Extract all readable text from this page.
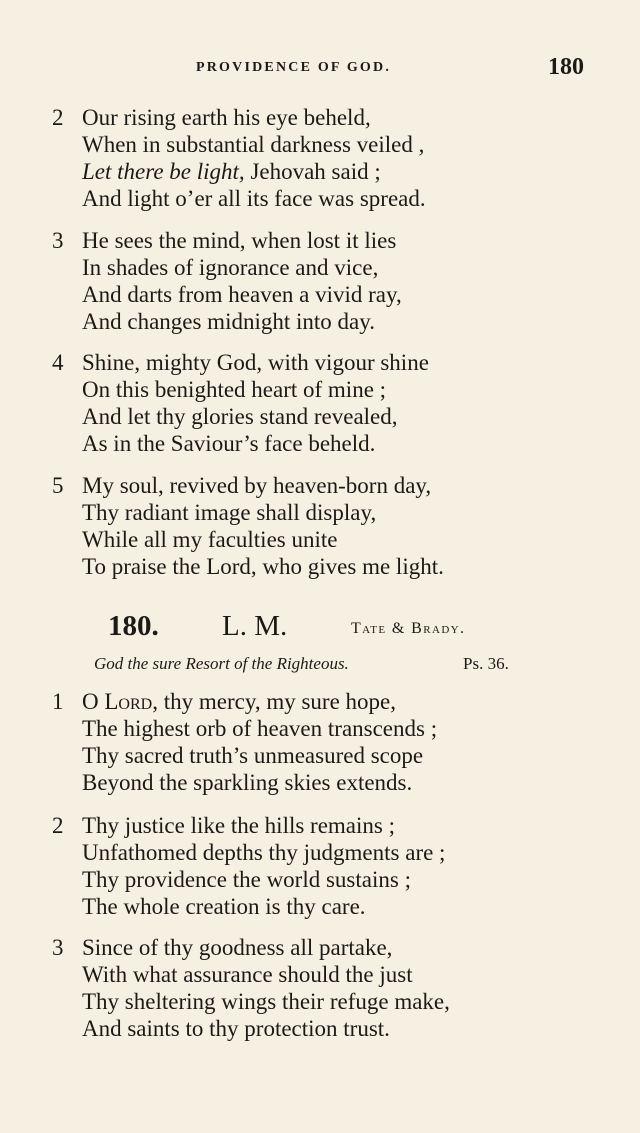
PROVIDENCE OF GOD.	180
2 Our rising earth his eye beheld,
When in substantial darkness veiled ,
Let there be light, Jehovah said ;
And light o’er all its face was spread.
3 He sees the mind, when lost it lies
In shades of ignorance and vice,
And darts from heaven a vivid ray,
And changes midnight into day.
4 Shine, mighty God, with vigour shine
On this benighted heart of mine ;
And let thy glories stand revealed,
As in the Saviour’s face beheld.
5 My soul, revived by heaven-born day,
Thy radiant image shall display,
While all my faculties unite
To praise the Lord, who gives me light.
180. L. M.	Tate & Brady.
God the sure Resort of the Righteous.	Ps. 36.
1 O Lord, thy mercy, my sure hope,
The highest orb of heaven transcends ;
Thy sacred truth’s unmeasured scope
Beyond the sparkling skies extends.
2 Thy justice like the hills remains ;
Unfathomed depths thy judgments are ;
Thy providence the world sustains ;
The whole creation is thy care.
3 Since of thy goodness all partake,
With what assurance should the just
Thy sheltering wings their refuge make,
And saints to thy protection trust.
